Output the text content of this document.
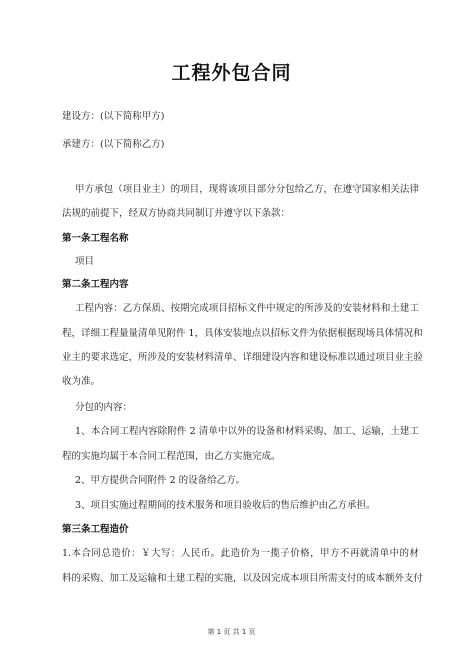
工程外包合同
建设方：(以下简称甲方)
承建方：(以下简称乙方)
甲方承包（项目业主）的项目，现将该项目部分分包给乙方，在遵守国家相关法律
法规的前提下，经双方协商共同制订并遵守以下条款：
第一条工程名称
项目
第二条工程内容
工程内容：乙方保质、按期完成项目招标文件中规定的所涉及的安装材料和土建工
程，详细工程量量清单见附件 1，具体安装地点以招标文件为依据根据现场具体情况和
业主的要求选定，所涉及的安装材料清单、详细建设内容和建设标准以通过项目业主验
收为准。
分包的内容：
1、本合同工程内容除附件 2 清单中以外的设备和材料采购、加工、运输，土建工
程的实施均属于本合同工程范围，由乙方实施完成。
2、甲方提供合同附件 2 的设备给乙方。
3、项目实施过程期间的技术服务和项目验收后的售后维护由乙方承担。
第三条工程造价
1.本合同总造价：￥大写：人民币。此造价为一揽子价格，甲方不再就清单中的材
料的采购、加工及运输和土建工程的实施，以及因完成本项目所需支付的成本额外支付
第 1 页 共 1 页
